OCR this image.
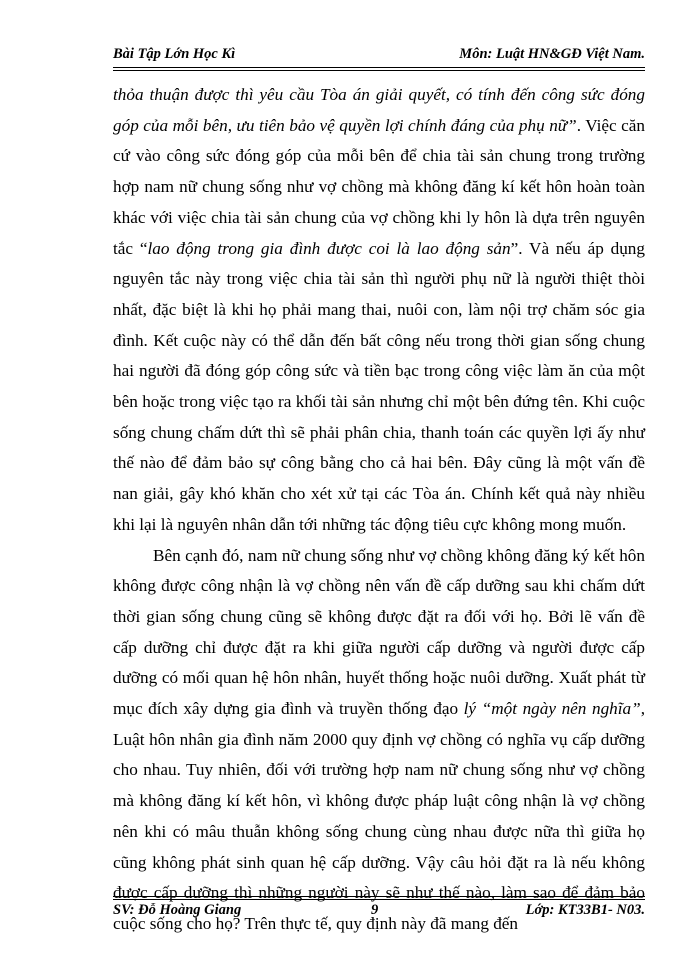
Bài Tập Lớn Học Kì	Môn: Luật HN&GĐ Việt Nam.

thỏa thuận được thì yêu cầu Tòa án giải quyết, có tính đến công sức đóng góp của mỗi bên, ưu tiên bảo vệ quyền lợi chính đáng của phụ nữ”. Việc căn cứ vào công sức đóng góp của mỗi bên để chia tài sản chung trong trường hợp nam nữ chung sống như vợ chồng mà không đăng kí kết hôn hoàn toàn khác với việc chia tài sản chung của vợ chồng khi ly hôn là dựa trên nguyên tắc “lao động trong gia đình được coi là lao động sản”. Và nếu áp dụng nguyên tắc này trong việc chia tài sản thì người phụ nữ là người thiệt thòi nhất, đặc biệt là khi họ phải mang thai, nuôi con, làm nội trợ chăm sóc gia đình. Kết cuộc này có thể dẫn đến bất công nếu trong thời gian sống chung hai người đã đóng góp công sức và tiền bạc trong công việc làm ăn của một bên hoặc trong việc tạo ra khối tài sản nhưng chỉ một bên đứng tên. Khi cuộc sống chung chấm dứt thì sẽ phải phân chia, thanh toán các quyền lợi ấy như thế nào để đảm bảo sự công bằng cho cả hai bên. Đây cũng là một vấn đề nan giải, gây khó khăn cho xét xử tại các Tòa án. Chính kết quả này nhiều khi lại là nguyên nhân dẫn tới những tác động tiêu cực không mong muốn.

Bên cạnh đó, nam nữ chung sống như vợ chồng không đăng ký kết hôn không được công nhận là vợ chồng nên vấn đề cấp dưỡng sau khi chấm dứt thời gian sống chung cũng sẽ không được đặt ra đối với họ. Bởi lẽ vấn đề cấp dưỡng chỉ được đặt ra khi giữa người cấp dưỡng và người được cấp dưỡng có mối quan hệ hôn nhân, huyết thống hoặc nuôi dưỡng. Xuất phát từ mục đích xây dựng gia đình và truyền thống đạo lý “một ngày nên nghĩa”, Luật hôn nhân gia đình năm 2000 quy định vợ chồng có nghĩa vụ cấp dưỡng cho nhau. Tuy nhiên, đối với trường hợp nam nữ chung sống như vợ chồng mà không đăng kí kết hôn, vì không được pháp luật công nhận là vợ chồng nên khi có mâu thuẫn không sống chung cùng nhau được nữa thì giữa họ cũng không phát sinh quan hệ cấp dưỡng. Vậy câu hỏi đặt ra là nếu không được cấp dưỡng thì những người này sẽ như thế nào, làm sao để đảm bảo cuộc sống cho họ? Trên thực tế, quy định này đã mang đến

SV: Đỗ Hoàng Giang	9	Lớp: KT33B1- N03.
